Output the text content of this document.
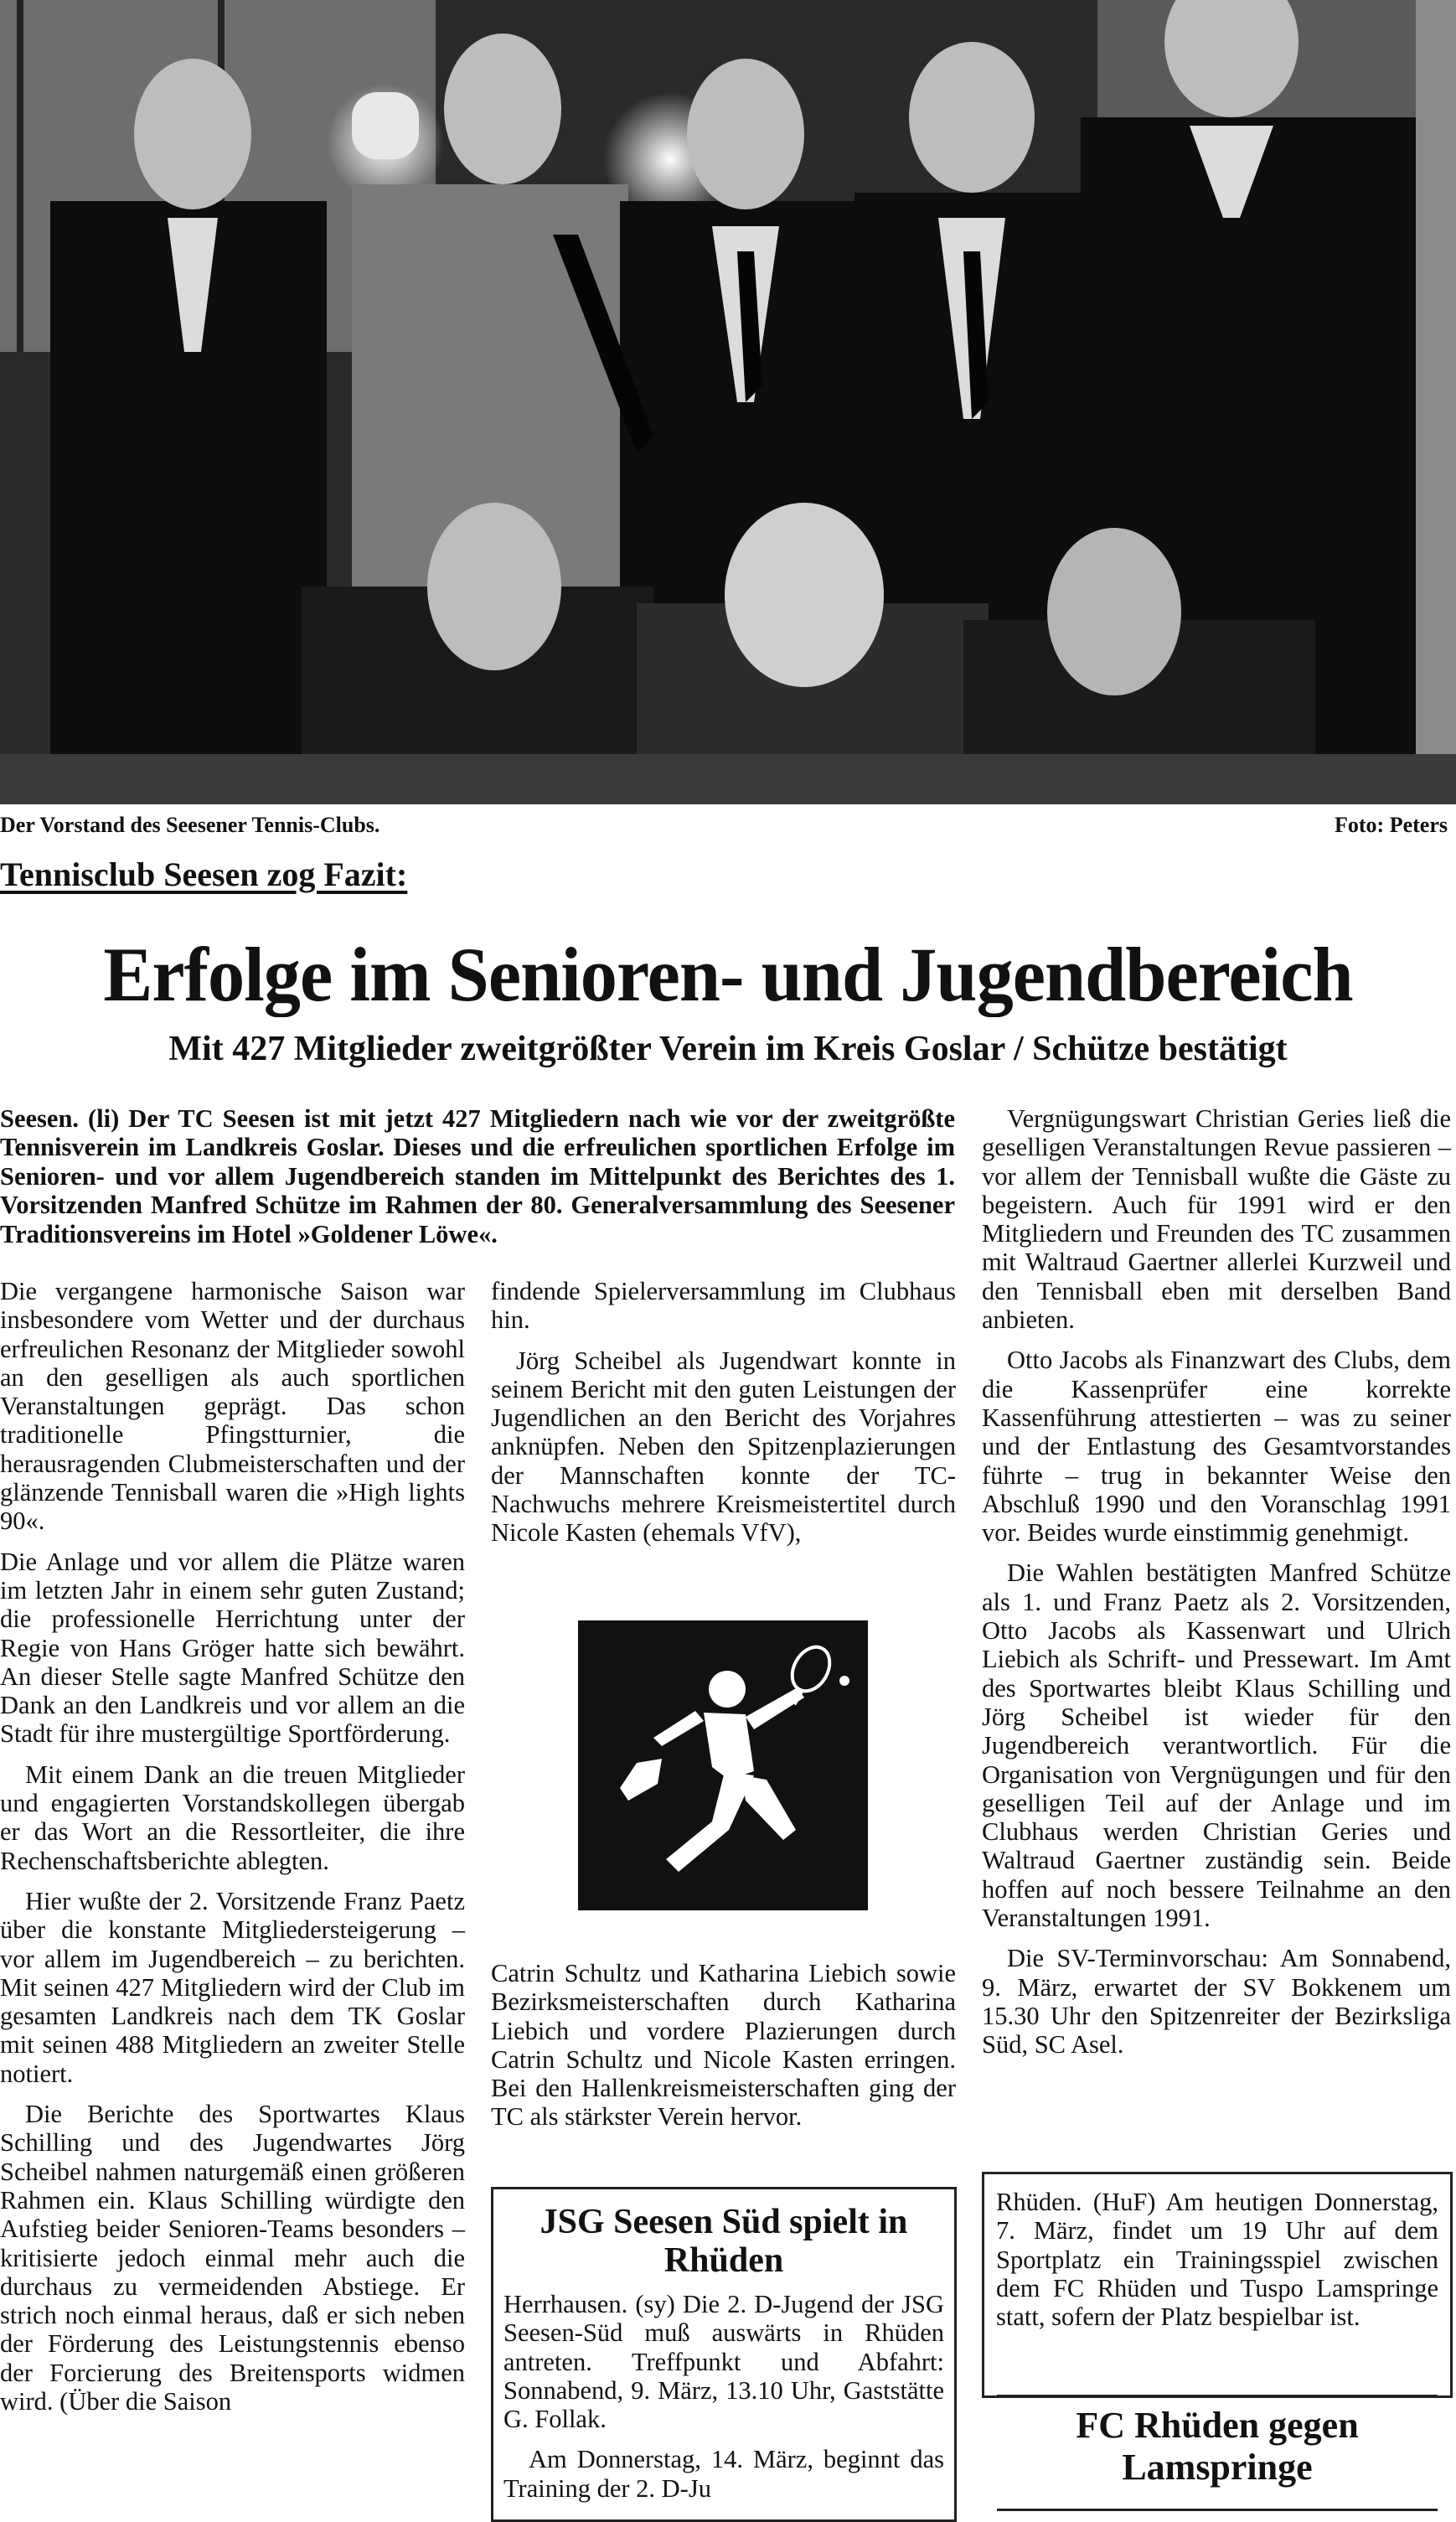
Der Vorstand des Seesener Tennis-Clubs.	Foto: Peters
Tennisclub Seesen zog Fazit:
Erfolge im Senioren- und Jugendbereich
Mit 427 Mitglieder zweitgrößter Verein im Kreis Goslar / Schütze bestätigt
Seesen. (li) Der TC Seesen ist mit jetzt 427 Mitgliedern nach wie vor der zweitgrößte Tennisverein im Landkreis Goslar. Dieses und die erfreulichen sportlichen Erfolge im Senioren- und vor allem Jugendbereich standen im Mittelpunkt des Berichtes des 1. Vorsitzenden Manfred Schütze im Rahmen der 80. Generalversammlung des Seesener Traditionsvereins im Hotel »Goldener Löwe«.

Die vergangene harmonische Saison war insbesondere vom Wetter und der durchaus erfreulichen Resonanz der Mitglieder sowohl an den geselligen als auch sportlichen Veranstaltungen geprägt. Das schon traditionelle Pfingstturnier, die herausragenden Clubmeisterschaften und der glänzende Tennisball waren die »High lights 90«.

Die Anlage und vor allem die Plätze waren im letzten Jahr in einem sehr guten Zustand; die professionelle Herrichtung unter der Regie von Hans Gröger hatte sich bewährt. An dieser Stelle sagte Manfred Schütze den Dank an den Landkreis und vor allem an die Stadt für ihre mustergültige Sportförderung.

Mit einem Dank an die treuen Mitglieder und engagierten Vorstandskollegen übergab er das Wort an die Ressortleiter, die ihre Rechenschaftsberichte ablegten.

Hier wußte der 2. Vorsitzende Franz Paetz über die konstante Mitgliedersteigerung – vor allem im Jugendbereich – zu berichten. Mit seinen 427 Mitgliedern wird der Club im gesamten Landkreis nach dem TK Goslar mit seinen 488 Mitgliedern an zweiter Stelle notiert.

Die Berichte des Sportwartes Klaus Schilling und des Jugendwartes Jörg Scheibel nahmen naturgemäß einen größeren Rahmen ein. Klaus Schilling würdigte den Aufstieg beider Senioren-Teams besonders – kritisierte jedoch einmal mehr auch die durchaus zu vermeidenden Abstiege. Er strich noch einmal heraus, daß er sich neben der Förderung des Leistungstennis ebenso der Forcierung des Breitensports widmen wird. (Über die Saison

findende Spielerversammlung im Clubhaus hin.

Jörg Scheibel als Jugendwart konnte in seinem Bericht mit den guten Leistungen der Jugendlichen an den Bericht des Vorjahres anknüpfen. Neben den Spitzenplazierungen der Mannschaften konnte der TC-Nachwuchs mehrere Kreismeistertitel durch Nicole Kasten (ehemals VfV),

Catrin Schultz und Katharina Liebich sowie Bezirksmeisterschaften durch Katharina Liebich und vordere Plazierungen durch Catrin Schultz und Nicole Kasten erringen. Bei den Hallenkreismeisterschaften ging der TC als stärkster Verein hervor.

Vergnügungswart Christian Geries ließ die geselligen Veranstaltungen Revue passieren – vor allem der Tennisball wußte die Gäste zu begeistern. Auch für 1991 wird er den Mitgliedern und Freunden des TC zusammen mit Waltraud Gaertner allerlei Kurzweil und den Tennisball eben mit derselben Band anbieten.

Otto Jacobs als Finanzwart des Clubs, dem die Kassenprüfer eine korrekte Kassenführung attestierten – was zu seiner und der Entlastung des Gesamtvorstandes führte – trug in bekannter Weise den Abschluß 1990 und den Voranschlag 1991 vor. Beides wurde einstimmig genehmigt.

Die Wahlen bestätigten Manfred Schütze als 1. und Franz Paetz als 2. Vorsitzenden, Otto Jacobs als Kassenwart und Ulrich Liebich als Schrift- und Pressewart. Im Amt des Sportwartes bleibt Klaus Schilling und Jörg Scheibel ist wieder für den Jugendbereich verantwortlich. Für die Organisation von Vergnügungen und für den geselligen Teil auf der Anlage und im Clubhaus werden Christian Geries und Waltraud Gaertner zuständig sein. Beide hoffen auf noch bessere Teilnahme an den Veranstaltungen 1991.

Die SV-Terminvorschau: Am Sonnabend, 9. März, erwartet der SV Bokkenem um 15.30 Uhr den Spitzenreiter der Bezirksliga Süd, SC Asel.

JSG Seesen Süd spielt in Rhüden

Herrhausen. (sy) Die 2. D-Jugend der JSG Seesen-Süd muß auswärts in Rhüden antreten. Treffpunkt und Abfahrt: Sonnabend, 9. März, 13.10 Uhr, Gaststätte G. Follak.

Am Donnerstag, 14. März, beginnt das Training der 2. D-Ju

Rhüden. (HuF) Am heutigen Donnerstag, 7. März, findet um 19 Uhr auf dem Sportplatz ein Trainingsspiel zwischen dem FC Rhüden und Tuspo Lamspringe statt, sofern der Platz bespielbar ist.

FC Rhüden gegen Lamspringe
